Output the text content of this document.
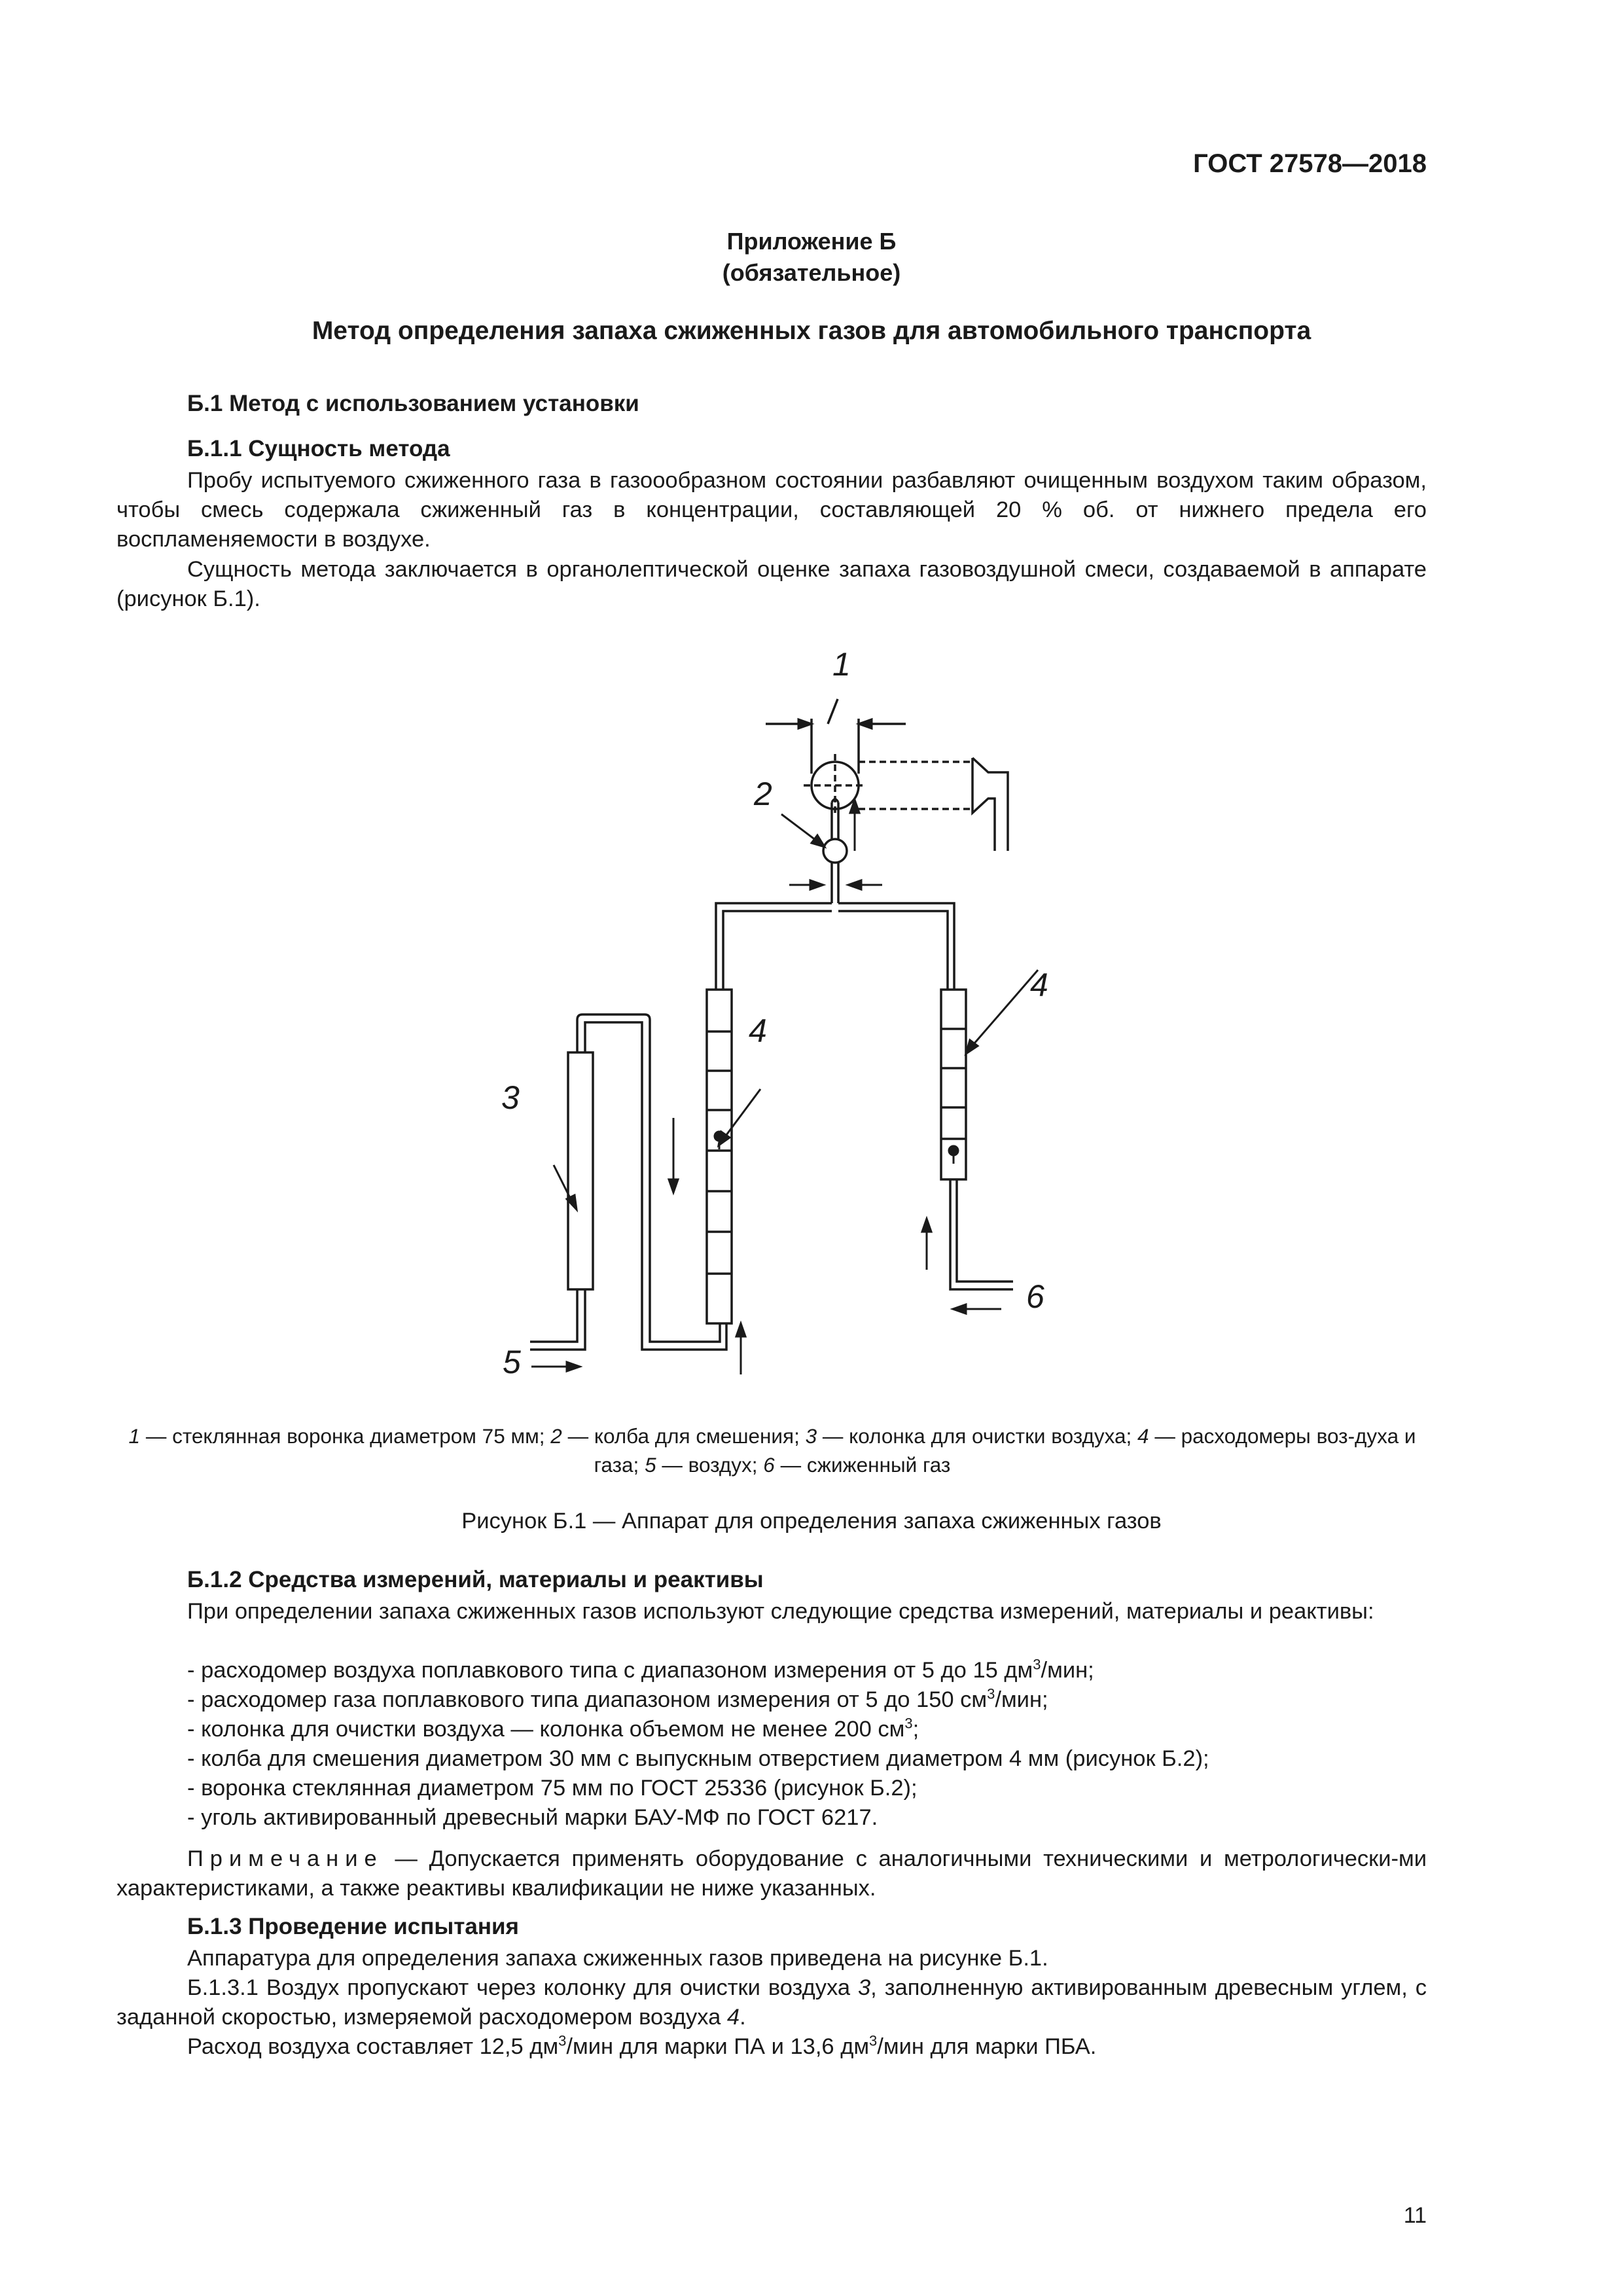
ГОСТ 27578—2018
Приложение Б
(обязательное)
Метод определения запаха сжиженных газов для автомобильного транспорта
Б.1 Метод с использованием установки
Б.1.1 Сущность метода
Пробу испытуемого сжиженного газа в газоообразном состоянии разбавляют очищенным воздухом таким образом, чтобы смесь содержала сжиженный газ в концентрации, составляющей 20 % об. от нижнего предела его воспламеняемости в воздухе.
Сущность метода заключается в органолептической оценке запаха газовоздушной смеси, создаваемой в аппарате (рисунок Б.1).
1
2
3
4
4
5
6
1 — стеклянная воронка диаметром 75 мм; 2 — колба для смешения; 3 — колонка для очистки воздуха; 4 — расходомеры воз-духа и газа; 5 — воздух; 6 — сжиженный газ
Рисунок Б.1 — Аппарат для определения запаха сжиженных газов
Б.1.2 Средства измерений, материалы и реактивы
При определении запаха сжиженных газов используют следующие средства измерений, материалы и реактивы:
- расходомер воздуха поплавкового типа с диапазоном измерения от 5 до 15 $дм^3$/мин;
- расходомер газа поплавкового типа диапазоном измерения от 5 до 150 $см^3$/мин;
- колонка для очистки воздуха — колонка объемом не менее 200 $см^3$;
- колба для смешения диаметром 30 мм с выпускным отверстием диаметром 4 мм (рисунок Б.2);
- воронка стеклянная диаметром 75 мм по ГОСТ 25336 (рисунок Б.2);
- уголь активированный древесный марки БАУ-МФ по ГОСТ 6217.
Примечание — Допускается применять оборудование с аналогичными техническими и метрологически-ми характеристиками, а также реактивы квалификации не ниже указанных.
Б.1.3 Проведение испытания
Аппаратура для определения запаха сжиженных газов приведена на рисунке Б.1.
Б.1.3.1 Воздух пропускают через колонку для очистки воздуха 3, заполненную активированным древесным углем, с заданной скоростью, измеряемой расходомером воздуха 4.
Расход воздуха составляет 12,5 $дм^3$/мин для марки ПА и 13,6 $дм^3$/мин для марки ПБА.
11
